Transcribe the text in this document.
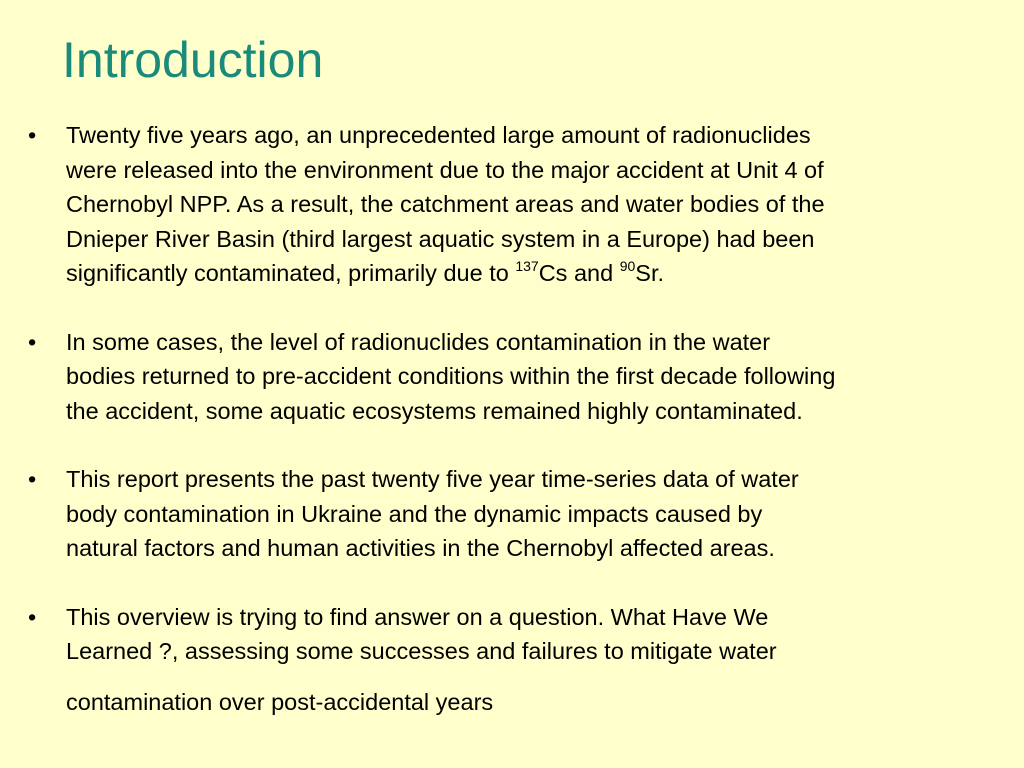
Introduction
• Twenty five years ago, an unprecedented large amount of radionuclides
were released into the environment due to the major accident at Unit 4 of
Chernobyl NPP. As a result, the catchment areas and water bodies of the
Dnieper River Basin (third largest aquatic system in a Europe) had been
significantly contaminated, primarily due to $^{137}$Cs and $^{90}$Sr.
• In some cases, the level of radionuclides contamination in the water
bodies returned to pre-accident conditions within the first decade following
the accident, some aquatic ecosystems remained highly contaminated.
• This report presents the past twenty five year time-series data of water
body contamination in Ukraine and the dynamic impacts caused by
natural factors and human activities in the Chernobyl affected areas.
• This overview is trying to find answer on a question. What Have We
Learned ?, assessing some successes and failures to mitigate water
contamination over post-accidental years
